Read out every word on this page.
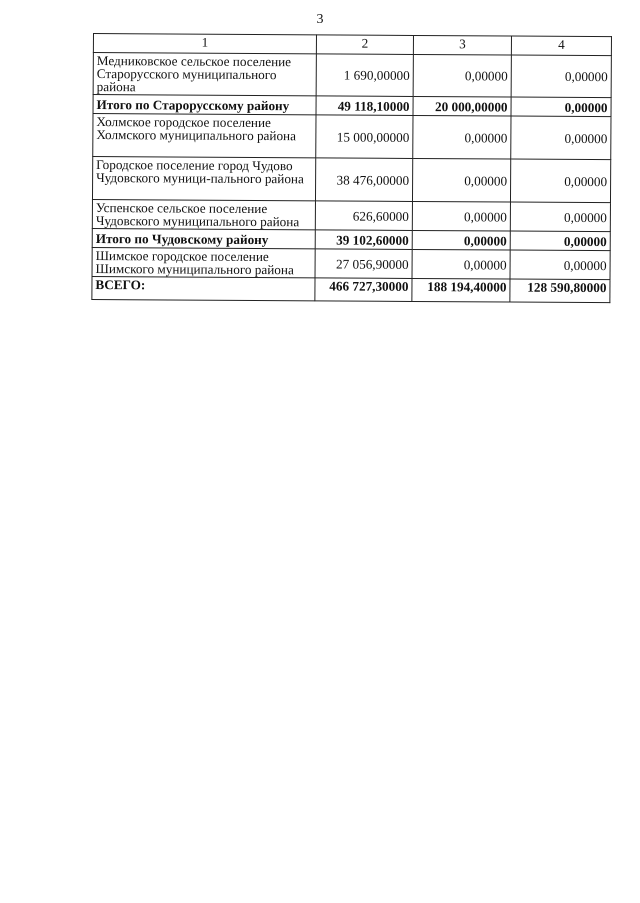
3
1	2	3	4
Медниковское сельское поселение Старорусского муниципального района	1 690,00000	0,00000	0,00000
Итого по Старорусскому району	49 118,10000	20 000,00000	0,00000
Холмское городское поселение Холмского муниципального района	15 000,00000	0,00000	0,00000
Городское поселение город Чудово Чудовского муници-пального района	38 476,00000	0,00000	0,00000
Успенское сельское поселение Чудовского муниципального района	626,60000	0,00000	0,00000
Итого по Чудовскому району	39 102,60000	0,00000	0,00000
Шимское городское поселение Шимского муниципального района	27 056,90000	0,00000	0,00000
ВСЕГО:	466 727,30000	188 194,40000	128 590,80000
